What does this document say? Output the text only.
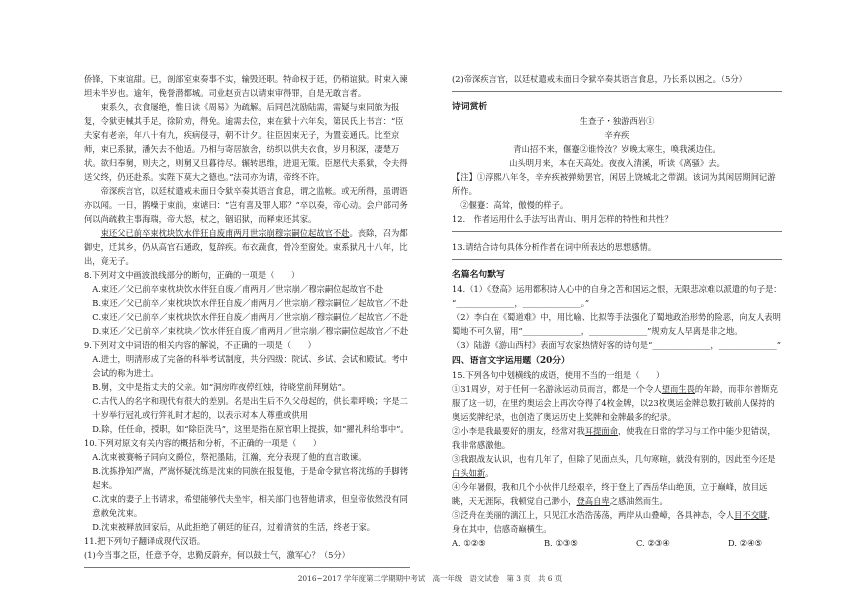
侨锋，下束谊甜。已，剖部室束奏事不实，输毁还职。特命权于廷，仍稍谊狱。时束入谏坦未半岁也。逾年，俛誉潜都城。司业赵贡吉以请束审得罪，自是无敢言者。

束系久，衣食屡绝，惟日读《周易》为疏解。后同邑沈励陆需，需疑与束同旅为报复，令狱吏械其手足，徐阶劝，得免。逾需去位，束在狱十六年矣，第民氏上书言：“臣夫家有老亲，年八十有九，疾病侵寻，朝不计夕。往臣因束无子，为置妾通氏。比至京师，束已系狱，潘矢去不他适。乃相与寄居旅舍，纺织以供夫衣食，岁月积深，凄楚万状。欲归奉舅，则夫之，则舅又旦暮待尽。辗转思维，进退无策。臣愿代夫系狱，令夫得送父终，仍还赴系。实陛下莫大之德也。”法司亦为请，帝终不许。

帝深疾言官，以廷杖遣戒未面日令狱卒奏其语言食息，谓之监帐。或无所得，虽谓语亦以闻。一日，鹊噪于束前，束谑曰：“岂有喜及罪人耶？”卒以奏，帝心动。会户部司务何以尚疏救主事海瑞，帝大怒，杖之，锢诏狱，而释束还其家。

束还父已前卒束枕块饮水伴狂自废甫两月世宗崩穆宗嗣位起故官不赴。丧除，召为都御史，迁其乡，仍从高官石通政，复辞疾。布衣蔬食，骨冷至窗处。束系狱凡十八年，比出，竟无子。

8.下列对文中画波浪线部分的断句，正确的一项是（　　）

A.束还／父已前卒束枕块饮水伴狂自废／甫两月／世宗崩／穆宗嗣位起故官不赴

B.束还／父已前卒／束枕块饮水伴狂自废／甫两月／世宗崩／穆宗嗣位／起故官／不赴

C.束还／父已前卒／束枕块饮水伴狂自废／甫两月／世宗崩／穆宗嗣位／起故官／不赴

D.束还／父已前卒／束枕块／饮水伴狂自废／甫两月／世宗崩／穆宗嗣位起故官／不赴

9.下列对文中词语的相关内容的解说，不正确的一项是（　　）

A.进士，明清形成了完备的科举考试制度，共分四级：院试、乡试、会试和殿试。考中会试的称为进士。

B.舅，文中是指丈夫的父亲。如“洞房昨夜停红烛，待晓堂前拜舅姑”。

C.古代人的名字和现代有很大的差别。名是出生后不久父母起的，供长辈呼唤；字是二十岁举行冠礼或行笄礼时才起的，以表示对本人尊重或供用

D.除，任任命，授职，如“除臣洗马”，这里是指在原官职上提拔，如“擢礼科给事中”。

10.下列对原文有关内容的概括和分析，不正确的一项是（　　）

A.沈束被赛畅子同向文爵位，祭祀墨陆，江瀚，充分表现了他的直言敢谏。

B.沈拣挣知严嵩，严嵩怀疑沈练是沈束的同族在报复他，于是命令狱官将沈练的手脚铐起来。

C.沈束的妻子上书请求，希望能够代夫坐牢，相关部门也替他请求，但皇帝依然没有同意赦免沈束。

D.沈束被释放回家后，从此拒绝了朝廷的征召，过着清贫的生活，终老于家。

11.把下列句子翻译成现代汉语。

(1)今当事之臣，任意予夺，忠勤反蔚弃，何以鼓士气，激军心？（5分）

(2)帝深疾言官，以廷杖遣戒未面日令狱卒奏其语言食息，乃长系以困之。（5分）

诗词赏析

生查子・独游西岩①

辛弃疾

青山招不来，偃蹇②谁怜汝？岁晚太寒生，唤我溪边住。

山头明月来，本在天高处。夜夜入清溪，听读《离骚》去。

【注】①淳熙八年冬，辛弃疾被弹劾罢官，闲居上饶城北之带湖。该词为其闲居期间记游所作。

②偃蹇：高耸，傲慢的样子。

12.　作者运用什么手法写出青山、明月怎样的特性和共性？

13.请结合诗句具体分析作者在词中所表达的思想感情。

名篇名句默写

14.（1）《登高》运用都积诗人心中的自身之苦和国运之恨，无限悲凉难以派遣的句子是：

“______________，______________。”

（2）李白在《蜀道难》中，用比喻、比拟等手法强化了蜀地政治形势的险恶，向友人表明蜀地不可久留，用“______________，______________”规劝友人早离是非之地。

（3）陆游《游山西村》表面写农家热情好客的诗句是“______________，______________”

四、语言文字运用题（20分）

15.下列各句中划横线的成语，使用不当的一组是（　　）

①31周岁，对于任何一名游泳运动员而言，都是一个令人望而生畏的年龄，而菲尔普斯克服了这一切，在里约奥运会上再次夺得了4枚金牌，以23枚奥运金牌总数打破前人保持的奥运奖牌纪录，也创造了奥运历史上奖牌和金牌最多的纪录。

②小李是我最要好的朋友，经常对我耳提面命，使我在日常的学习与工作中能少犯错误，我非常感激他。

③我跟战友认识，也有几年了，但除了见面点头，几句寒暄，就没有别的，因此至今还是白头如新。

④今年暑假，我和几个小伙伴几经艰辛，终于登上了西岳华山绝顶，立于巅峰，放目远眺，天无涯际，我顿觉自己渺小，登高自卑之感油然而生。

⑤泛舟在美丽的漓江上，只见江水浩浩荡荡，两岸从山叠嶂，各具神态，令人目不交睫，身在其中，信感奇巅横生。

A. ①②⑤	B. ①③⑤	C. ②③④	D. ②④⑤
2016~2017 学年度第二学期期中考试　高一年级　语文试卷　第 3 页　共 6 页
